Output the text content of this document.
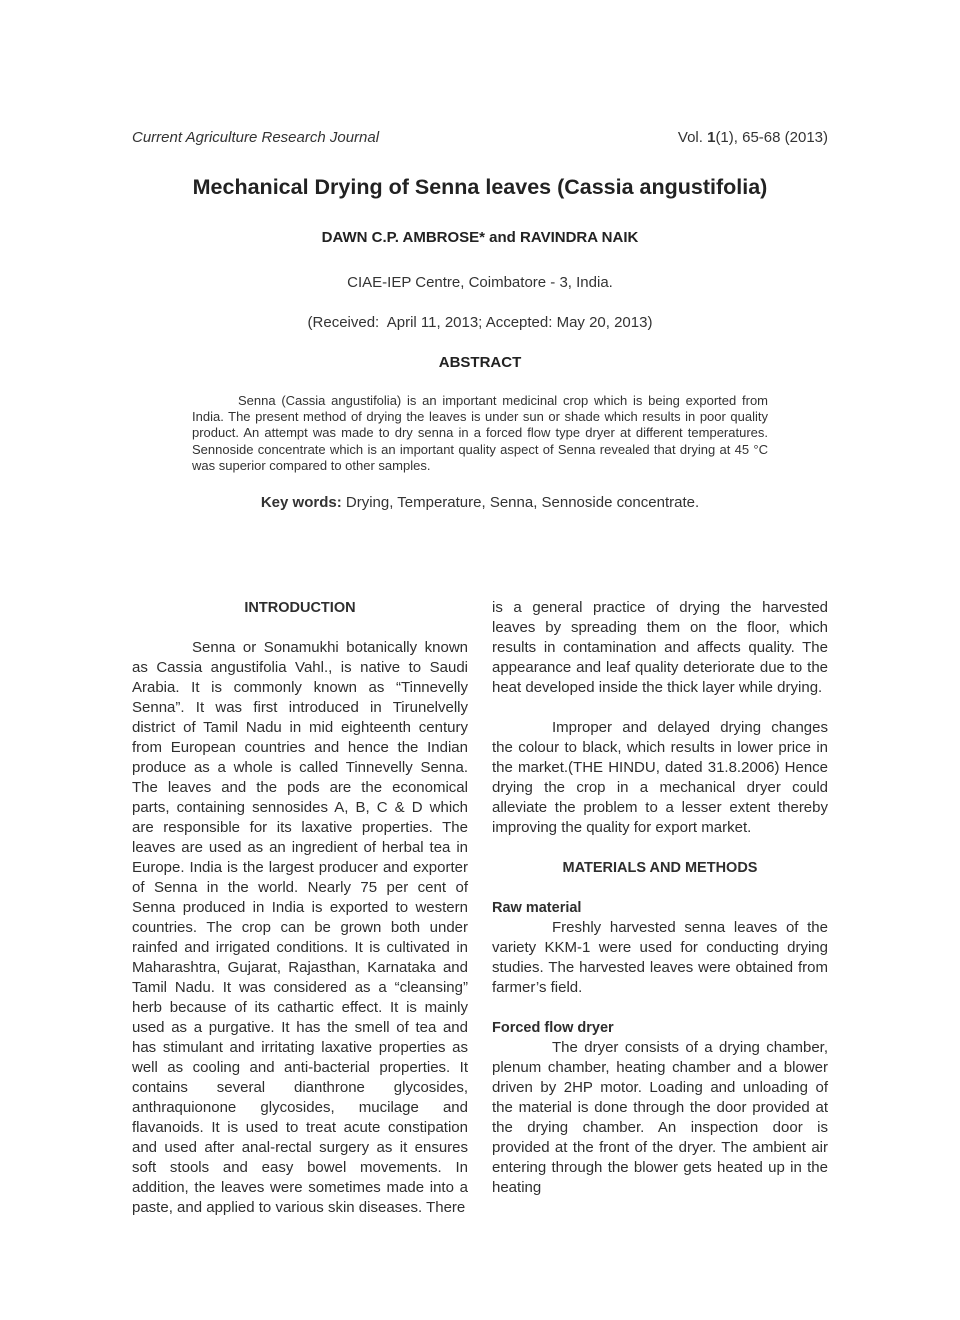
Current Agriculture Research Journal	Vol. 1(1), 65-68 (2013)
Mechanical Drying of Senna leaves (Cassia angustifolia)
DAWN C.P. AMBROSE* and RAVINDRA NAIK
CIAE-IEP Centre, Coimbatore - 3, India.
(Received:  April 11, 2013; Accepted: May 20, 2013)
ABSTRACT

Senna (Cassia angustifolia) is an important medicinal crop which is being exported from India. The present method of drying the leaves is under sun or shade which results in poor quality product. An attempt was made to dry senna in a forced flow type dryer at different temperatures. Sennoside concentrate which is an important quality aspect of Senna revealed that drying at 45 °C was superior compared to other samples.

Key words: Drying, Temperature, Senna, Sennoside concentrate.

INTRODUCTION

Senna or Sonamukhi botanically known as Cassia angustifolia Vahl., is native to Saudi Arabia. It is commonly known as “Tinnevelly Senna”. It was first introduced in Tirunelvelly district of Tamil Nadu in mid eighteenth century from European countries and hence the Indian produce as a whole is called Tinnevelly Senna. The leaves and the pods are the economical parts, containing sennosides A, B, C & D which are responsible for its laxative properties. The leaves are used as an ingredient of herbal tea in Europe. India is the largest producer and exporter of Senna in the world. Nearly 75 per cent of Senna produced in India is exported to western countries. The crop can be grown both under rainfed and irrigated conditions. It is cultivated in Maharashtra, Gujarat, Rajasthan, Karnataka and Tamil Nadu. It was considered as a “cleansing” herb because of its cathartic effect. It is mainly used as a purgative. It has the smell of tea and has stimulant and irritating laxative properties as well as cooling and anti-bacterial properties. It contains several dianthrone glycosides, anthraquionone glycosides, mucilage and flavanoids. It is used to treat acute constipation and used after anal-rectal surgery as it ensures soft stools and easy bowel movements. In addition, the leaves were sometimes made into a paste, and applied to various skin diseases. There

is a general practice of drying the harvested leaves by spreading them on the floor, which results in contamination and affects quality. The appearance and leaf quality deteriorate due to the heat developed inside the thick layer while drying.

Improper and delayed drying changes the colour to black, which results in lower price in the market.(THE HINDU, dated 31.8.2006) Hence drying the crop in a mechanical dryer could alleviate the problem to a lesser extent thereby improving the quality for export market.

MATERIALS AND METHODS

Raw material

Freshly harvested senna leaves of the variety KKM-1 were used for conducting drying studies. The harvested leaves were obtained from farmer’s field.

Forced flow dryer

The dryer consists of a drying chamber, plenum chamber, heating chamber and a blower driven by 2HP motor. Loading and unloading of the material is done through the door provided at the drying chamber. An inspection door is provided at the front of the dryer. The ambient air entering through the blower gets heated up in the heating
